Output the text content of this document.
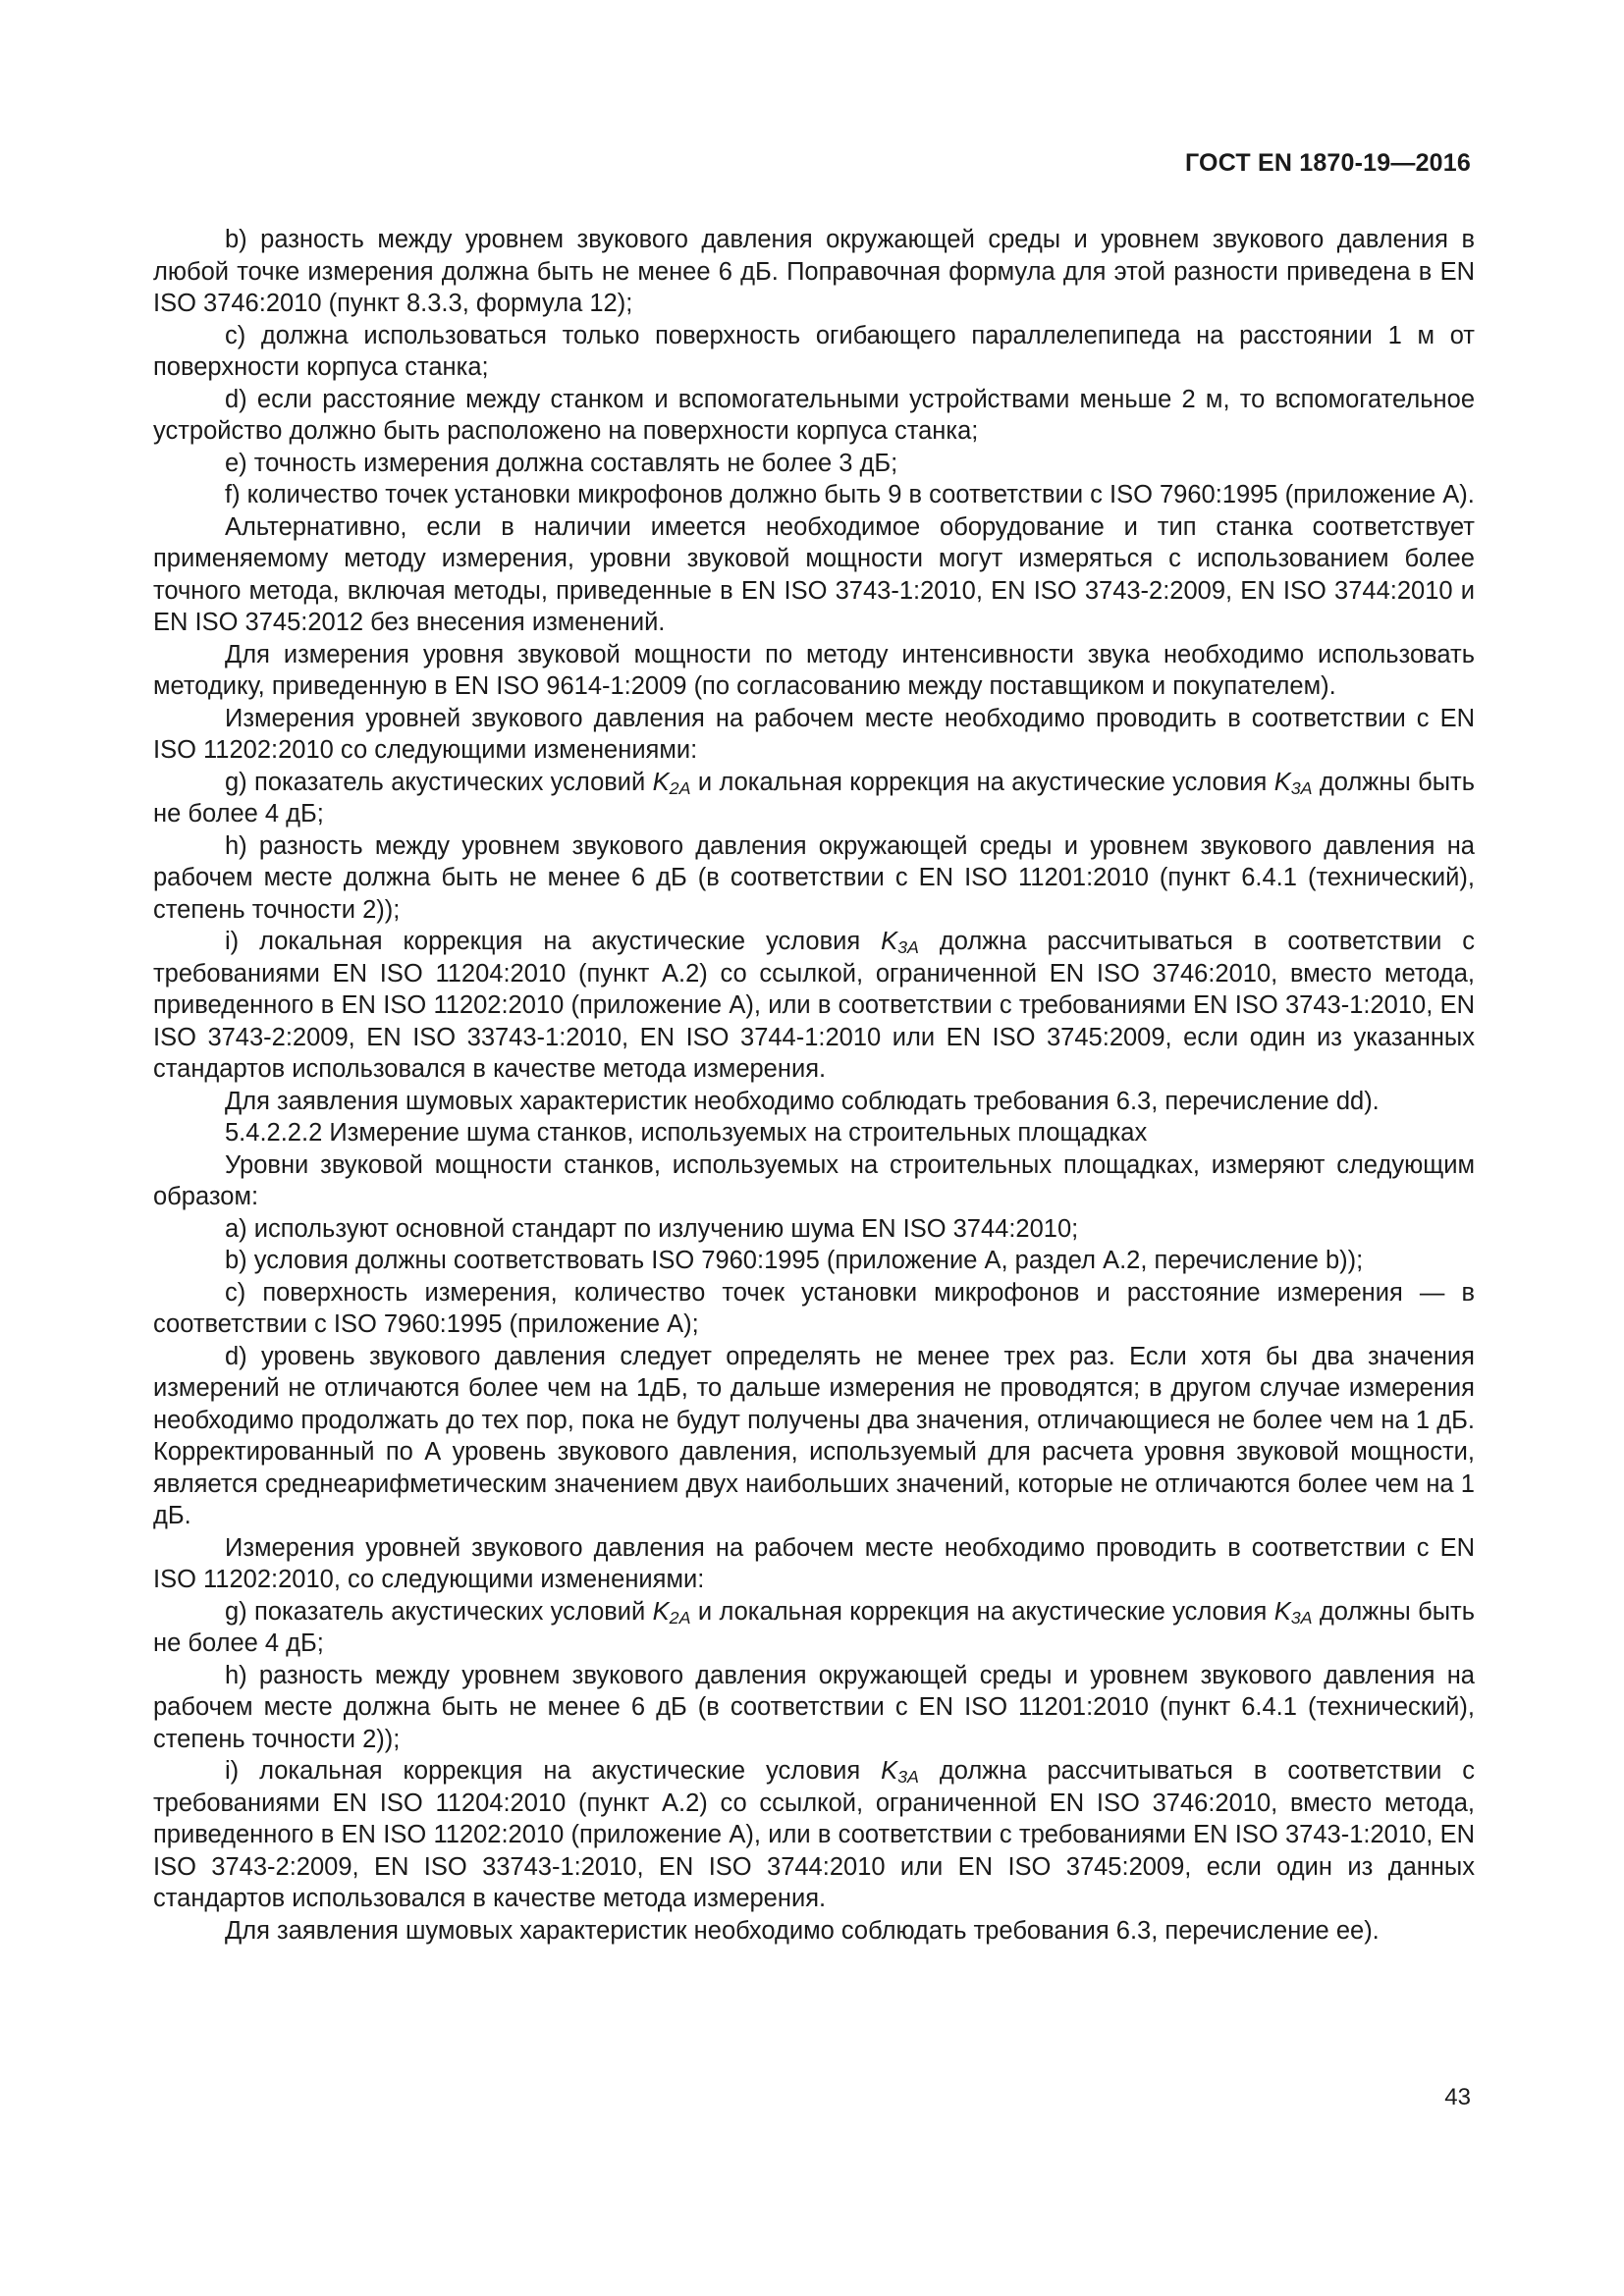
ГОСТ EN 1870-19—2016

b) разность между уровнем звукового давления окружающей среды и уровнем звукового давления в любой точке измерения должна быть не менее 6 дБ. Поправочная формула для этой разности приведена в EN ISO 3746:2010 (пункт 8.3.3, формула 12);

c) должна использоваться только поверхность огибающего параллелепипеда на расстоянии 1 м от поверхности корпуса станка;

d) если расстояние между станком и вспомогательными устройствами меньше 2 м, то вспомогательное устройство должно быть расположено на поверхности корпуса станка;

e) точность измерения должна составлять не более 3 дБ;

f) количество точек установки микрофонов должно быть 9 в соответствии с ISO 7960:1995 (приложение А).

Альтернативно, если в наличии имеется необходимое оборудование и тип станка соответствует применяемому методу измерения, уровни звуковой мощности могут измеряться с использованием более точного метода, включая методы, приведенные в EN ISO 3743-1:2010, EN ISO 3743-2:2009, EN ISO 3744:2010 и EN ISO 3745:2012 без внесения изменений.

Для измерения уровня звуковой мощности по методу интенсивности звука необходимо использовать методику, приведенную в EN ISO 9614-1:2009 (по согласованию между поставщиком и покупателем).

Измерения уровней звукового давления на рабочем месте необходимо проводить в соответствии с EN ISO 11202:2010 со следующими изменениями:

g) показатель акустических условий $K_{2A}$ и локальная коррекция на акустические условия $K_{3A}$ должны быть не более 4 дБ;

h) разность между уровнем звукового давления окружающей среды и уровнем звукового давления на рабочем месте должна быть не менее 6 дБ (в соответствии с EN ISO 11201:2010 (пункт 6.4.1 (технический), степень точности 2));

i) локальная коррекция на акустические условия $K_{3A}$ должна рассчитываться в соответствии с требованиями EN ISO 11204:2010 (пункт А.2) со ссылкой, ограниченной EN ISO 3746:2010, вместо метода, приведенного в EN ISO 11202:2010 (приложение А), или в соответствии с требованиями EN ISO 3743-1:2010, EN ISO 3743-2:2009, EN ISO 33743-1:2010, EN ISO 3744-1:2010 или EN ISO 3745:2009, если один из указанных стандартов использовался в качестве метода измерения.

Для заявления шумовых характеристик необходимо соблюдать требования 6.3, перечисление dd).

5.4.2.2.2 Измерение шума станков, используемых на строительных площадках

Уровни звуковой мощности станков, используемых на строительных площадках, измеряют следующим образом:

a) используют основной стандарт по излучению шума EN ISO 3744:2010;

b) условия должны соответствовать ISO 7960:1995 (приложение А, раздел А.2, перечисление b));

c) поверхность измерения, количество точек установки микрофонов и расстояние измерения — в соответствии с ISO 7960:1995 (приложение А);

d) уровень звукового давления следует определять не менее трех раз. Если хотя бы два значения измерений не отличаются более чем на 1дБ, то дальше измерения не проводятся; в другом случае измерения необходимо продолжать до тех пор, пока не будут получены два значения, отличающиеся не более чем на 1 дБ. Корректированный по А уровень звукового давления, используемый для расчета уровня звуковой мощности, является среднеарифметическим значением двух наибольших значений, которые не отличаются более чем на 1 дБ.

Измерения уровней звукового давления на рабочем месте необходимо проводить в соответствии с EN ISO 11202:2010, со следующими изменениями:

g) показатель акустических условий $K_{2A}$ и локальная коррекция на акустические условия $K_{3A}$ должны быть не более 4 дБ;

h) разность между уровнем звукового давления окружающей среды и уровнем звукового давления на рабочем месте должна быть не менее 6 дБ (в соответствии с EN ISO 11201:2010 (пункт 6.4.1 (технический), степень точности 2));

i) локальная коррекция на акустические условия $K_{3A}$ должна рассчитываться в соответствии с требованиями EN ISO 11204:2010 (пункт А.2) со ссылкой, ограниченной EN ISO 3746:2010, вместо метода, приведенного в EN ISO 11202:2010 (приложение А), или в соответствии с требованиями EN ISO 3743-1:2010, EN ISO 3743-2:2009, EN ISO 33743-1:2010, EN ISO 3744:2010 или EN ISO 3745:2009, если один из данных стандартов использовался в качестве метода измерения.

Для заявления шумовых характеристик необходимо соблюдать требования 6.3, перечисление ee).

43
